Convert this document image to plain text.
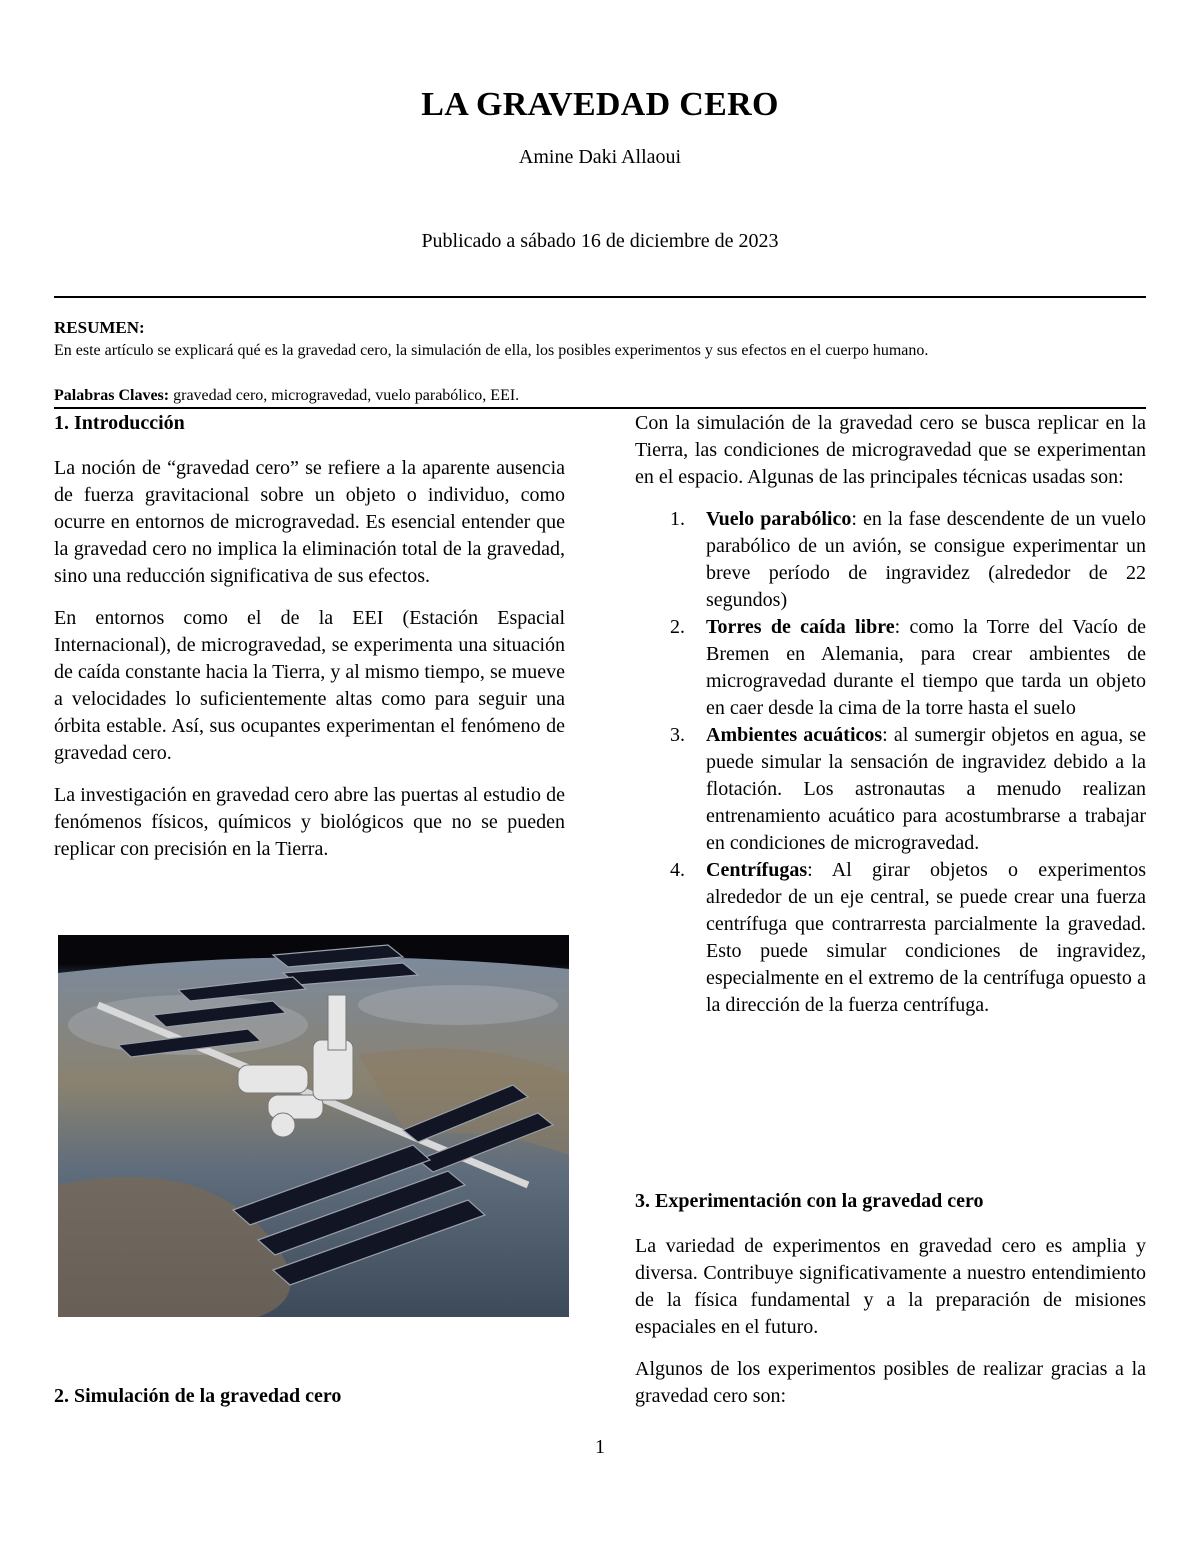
LA GRAVEDAD CERO
Amine Daki Allaoui
Publicado a sábado 16 de diciembre de 2023
RESUMEN:
En este artículo se explicará qué es la gravedad cero, la simulación de ella, los posibles experimentos y sus efectos en el cuerpo humano.
Palabras Claves: gravedad cero, microgravedad, vuelo parabólico, EEI.

1. Introducción

La noción de “gravedad cero” se refiere a la aparente ausencia de fuerza gravitacional sobre un objeto o individuo, como ocurre en entornos de microgravedad. Es esencial entender que la gravedad cero no implica la eliminación total de la gravedad, sino una reducción significativa de sus efectos.

En entornos como el de la EEI (Estación Espacial Internacional), de microgravedad, se experimenta una situación de caída constante hacia la Tierra, y al mismo tiempo, se mueve a velocidades lo suficientemente altas como para seguir una órbita estable. Así, sus ocupantes experimentan el fenómeno de gravedad cero.

La investigación en gravedad cero abre las puertas al estudio de fenómenos físicos, químicos y biológicos que no se pueden replicar con precisión en la Tierra.

2. Simulación de la gravedad cero

Con la simulación de la gravedad cero se busca replicar en la Tierra, las condiciones de microgravedad que se experimentan en el espacio. Algunas de las principales técnicas usadas son:

1. Vuelo parabólico: en la fase descendente de un vuelo parabólico de un avión, se consigue experimentar un breve período de ingravidez (alrededor de 22 segundos)
2. Torres de caída libre: como la Torre del Vacío de Bremen en Alemania, para crear ambientes de microgravedad durante el tiempo que tarda un objeto en caer desde la cima de la torre hasta el suelo
3. Ambientes acuáticos: al sumergir objetos en agua, se puede simular la sensación de ingravidez debido a la flotación. Los astronautas a menudo realizan entrenamiento acuático para acostumbrarse a trabajar en condiciones de microgravedad.
4. Centrífugas: Al girar objetos o experimentos alrededor de un eje central, se puede crear una fuerza centrífuga que contrarresta parcialmente la gravedad. Esto puede simular condiciones de ingravidez, especialmente en el extremo de la centrífuga opuesto a la dirección de la fuerza centrífuga.

3. Experimentación con la gravedad cero

La variedad de experimentos en gravedad cero es amplia y diversa. Contribuye significativamente a nuestro entendimiento de la física fundamental y a la preparación de misiones espaciales en el futuro.

Algunos de los experimentos posibles de realizar gracias a la gravedad cero son:

1
